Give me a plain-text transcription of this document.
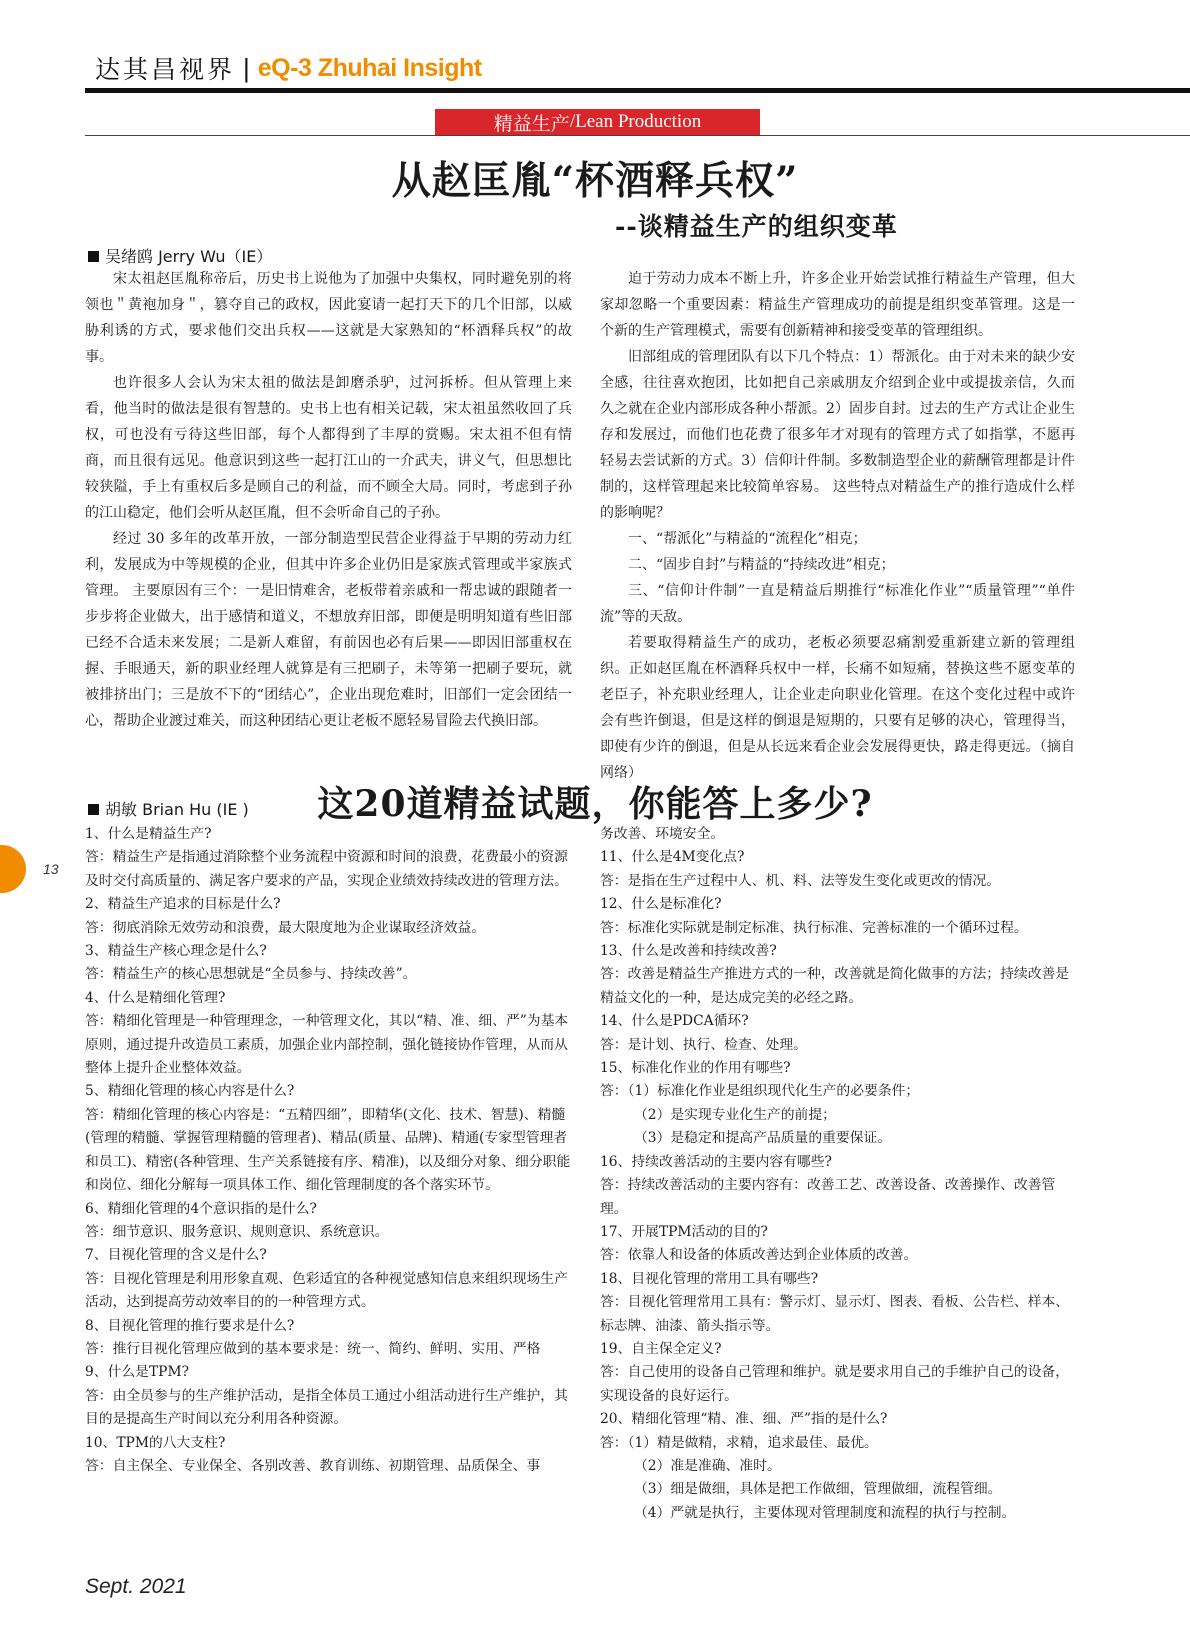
达其昌视界 | eQ-3 Zhuhai Insight
精益生产 /Lean Production
从赵匡胤“杯酒释兵权”
--谈精益生产的组织变革
吴绪鸥 Jerry Wu（IE）

宋太祖赵匡胤称帝后，历史书上说他为了加强中央集权，同时避免别的将领也＂黄袍加身＂，篡夺自己的政权，因此宴请一起打天下的几个旧部，以威胁利诱的方式，要求他们交出兵权——这就是大家熟知的“杯酒释兵权”的故事。

也许很多人会认为宋太祖的做法是卸磨杀驴，过河拆桥。但从管理上来看，他当时的做法是很有智慧的。史书上也有相关记载，宋太祖虽然收回了兵权，可也没有亏待这些旧部，每个人都得到了丰厚的赏赐。宋太祖不但有情商，而且很有远见。他意识到这些一起打江山的一介武夫，讲义气，但思想比较狭隘，手上有重权后多是顾自己的利益，而不顾全大局。同时，考虑到子孙的江山稳定，他们会听从赵匡胤，但不会听命自己的子孙。

经过 30 多年的改革开放，一部分制造型民营企业得益于早期的劳动力红利，发展成为中等规模的企业，但其中许多企业仍旧是家族式管理或半家族式管理。 主要原因有三个：一是旧情难舍，老板带着亲戚和一帮忠诚的跟随者一步步将企业做大，出于感情和道义，不想放弃旧部，即便是明明知道有些旧部已经不合适未来发展；二是新人难留，有前因也必有后果——即因旧部重权在握、手眼通天，新的职业经理人就算是有三把刷子，未等第一把刷子要玩，就被排挤出门；三是放不下的“团结心”，企业出现危难时，旧部们一定会团结一心，帮助企业渡过难关，而这种团结心更让老板不愿轻易冒险去代换旧部。

迫于劳动力成本不断上升，许多企业开始尝试推行精益生产管理，但大家却忽略一个重要因素：精益生产管理成功的前提是组织变革管理。这是一个新的生产管理模式，需要有创新精神和接受变革的管理组织。

旧部组成的管理团队有以下几个特点：1）帮派化。由于对未来的缺少安全感，往往喜欢抱团，比如把自己亲戚朋友介绍到企业中或提拔亲信，久而久之就在企业内部形成各种小帮派。2）固步自封。过去的生产方式让企业生存和发展过，而他们也花费了很多年才对现有的管理方式了如指掌，不愿再轻易去尝试新的方式。3）信仰计件制。多数制造型企业的薪酬管理都是计件制的，这样管理起来比较简单容易。 这些特点对精益生产的推行造成什么样的影响呢？

一、“帮派化”与精益的“流程化”相克；

二、“固步自封”与精益的“持续改进”相克；

三、“信仰计件制”一直是精益后期推行“标准化作业”“质量管理”“单件流”等的天敌。

若要取得精益生产的成功，老板必须要忍痛割爱重新建立新的管理组织。正如赵匡胤在杯酒释兵权中一样，长痛不如短痛，替换这些不愿变革的老臣子，补充职业经理人，让企业走向职业化管理。在这个变化过程中或许会有些许倒退，但是这样的倒退是短期的，只要有足够的决心，管理得当，即使有少许的倒退，但是从长远来看企业会发展得更快，路走得更远。（摘自网络）

这20道精益试题，你能答上多少?
胡敏 Brian Hu (IE )
1、什么是精益生产?
答：精益生产是指通过消除整个业务流程中资源和时间的浪费，花费最小的资源及时交付高质量的、满足客户要求的产品，实现企业绩效持续改进的管理方法。
2、精益生产追求的目标是什么?
答：彻底消除无效劳动和浪费，最大限度地为企业谋取经济效益。
3、精益生产核心理念是什么?
答：精益生产的核心思想就是“全员参与、持续改善”。
4、什么是精细化管理?
答：精细化管理是一种管理理念，一种管理文化，其以“精、准、细、严”为基本原则，通过提升改造员工素质，加强企业内部控制，强化链接协作管理，从而从整体上提升企业整体效益。
5、精细化管理的核心内容是什么?
答：精细化管理的核心内容是：“五精四细”，即精华(文化、技术、智慧)、精髓(管理的精髓、掌握管理精髓的管理者)、精品(质量、品牌)、精通(专家型管理者和员工)、精密(各种管理、生产关系链接有序、精准)，以及细分对象、细分职能和岗位、细化分解每一项具体工作、细化管理制度的各个落实环节。
6、精细化管理的4个意识指的是什么?
答：细节意识、服务意识、规则意识、系统意识。
7、目视化管理的含义是什么?
答：目视化管理是利用形象直观、色彩适宜的各种视觉感知信息来组织现场生产活动，达到提高劳动效率目的的一种管理方式。
8、目视化管理的推行要求是什么?
答：推行目视化管理应做到的基本要求是：统一、简约、鲜明、实用、严格
9、什么是TPM?
答：由全员参与的生产维护活动，是指全体员工通过小组活动进行生产维护，其目的是提高生产时间以充分利用各种资源。
10、TPM的八大支柱?
答：自主保全、专业保全、各别改善、教育训练、初期管理、品质保全、事
务改善、环境安全。
11、什么是4M变化点?
答：是指在生产过程中人、机、料、法等发生变化或更改的情况。
12、什么是标准化?
答：标准化实际就是制定标准、执行标准、完善标准的一个循环过程。
13、什么是改善和持续改善?
答：改善是精益生产推进方式的一种，改善就是简化做事的方法；持续改善是精益文化的一种，是达成完美的必经之路。
14、什么是PDCA循环?
答：是计划、执行、检查、处理。
15、标准化作业的作用有哪些?
答：（1）标准化作业是组织现代化生产的必要条件；
（2）是实现专业化生产的前提；
（3）是稳定和提高产品质量的重要保证。
16、持续改善活动的主要内容有哪些?
答：持续改善活动的主要内容有：改善工艺、改善设备、改善操作、改善管理。
17、开展TPM活动的目的?
答：依靠人和设备的体质改善达到企业体质的改善。
18、目视化管理的常用工具有哪些?
答：目视化管理常用工具有：警示灯、显示灯、图表、看板、公告栏、样本、标志牌、油漆、箭头指示等。
19、自主保全定义?
答：自己使用的设备自己管理和维护。就是要求用自己的手维护自己的设备，实现设备的良好运行。
20、精细化管理“精、准、细、严”指的是什么?
答：（1）精是做精，求精，追求最佳、最优。
（2）准是准确、准时。
（3）细是做细，具体是把工作做细，管理做细，流程管细。
（4）严就是执行，主要体现对管理制度和流程的执行与控制。
13
Sept. 2021
